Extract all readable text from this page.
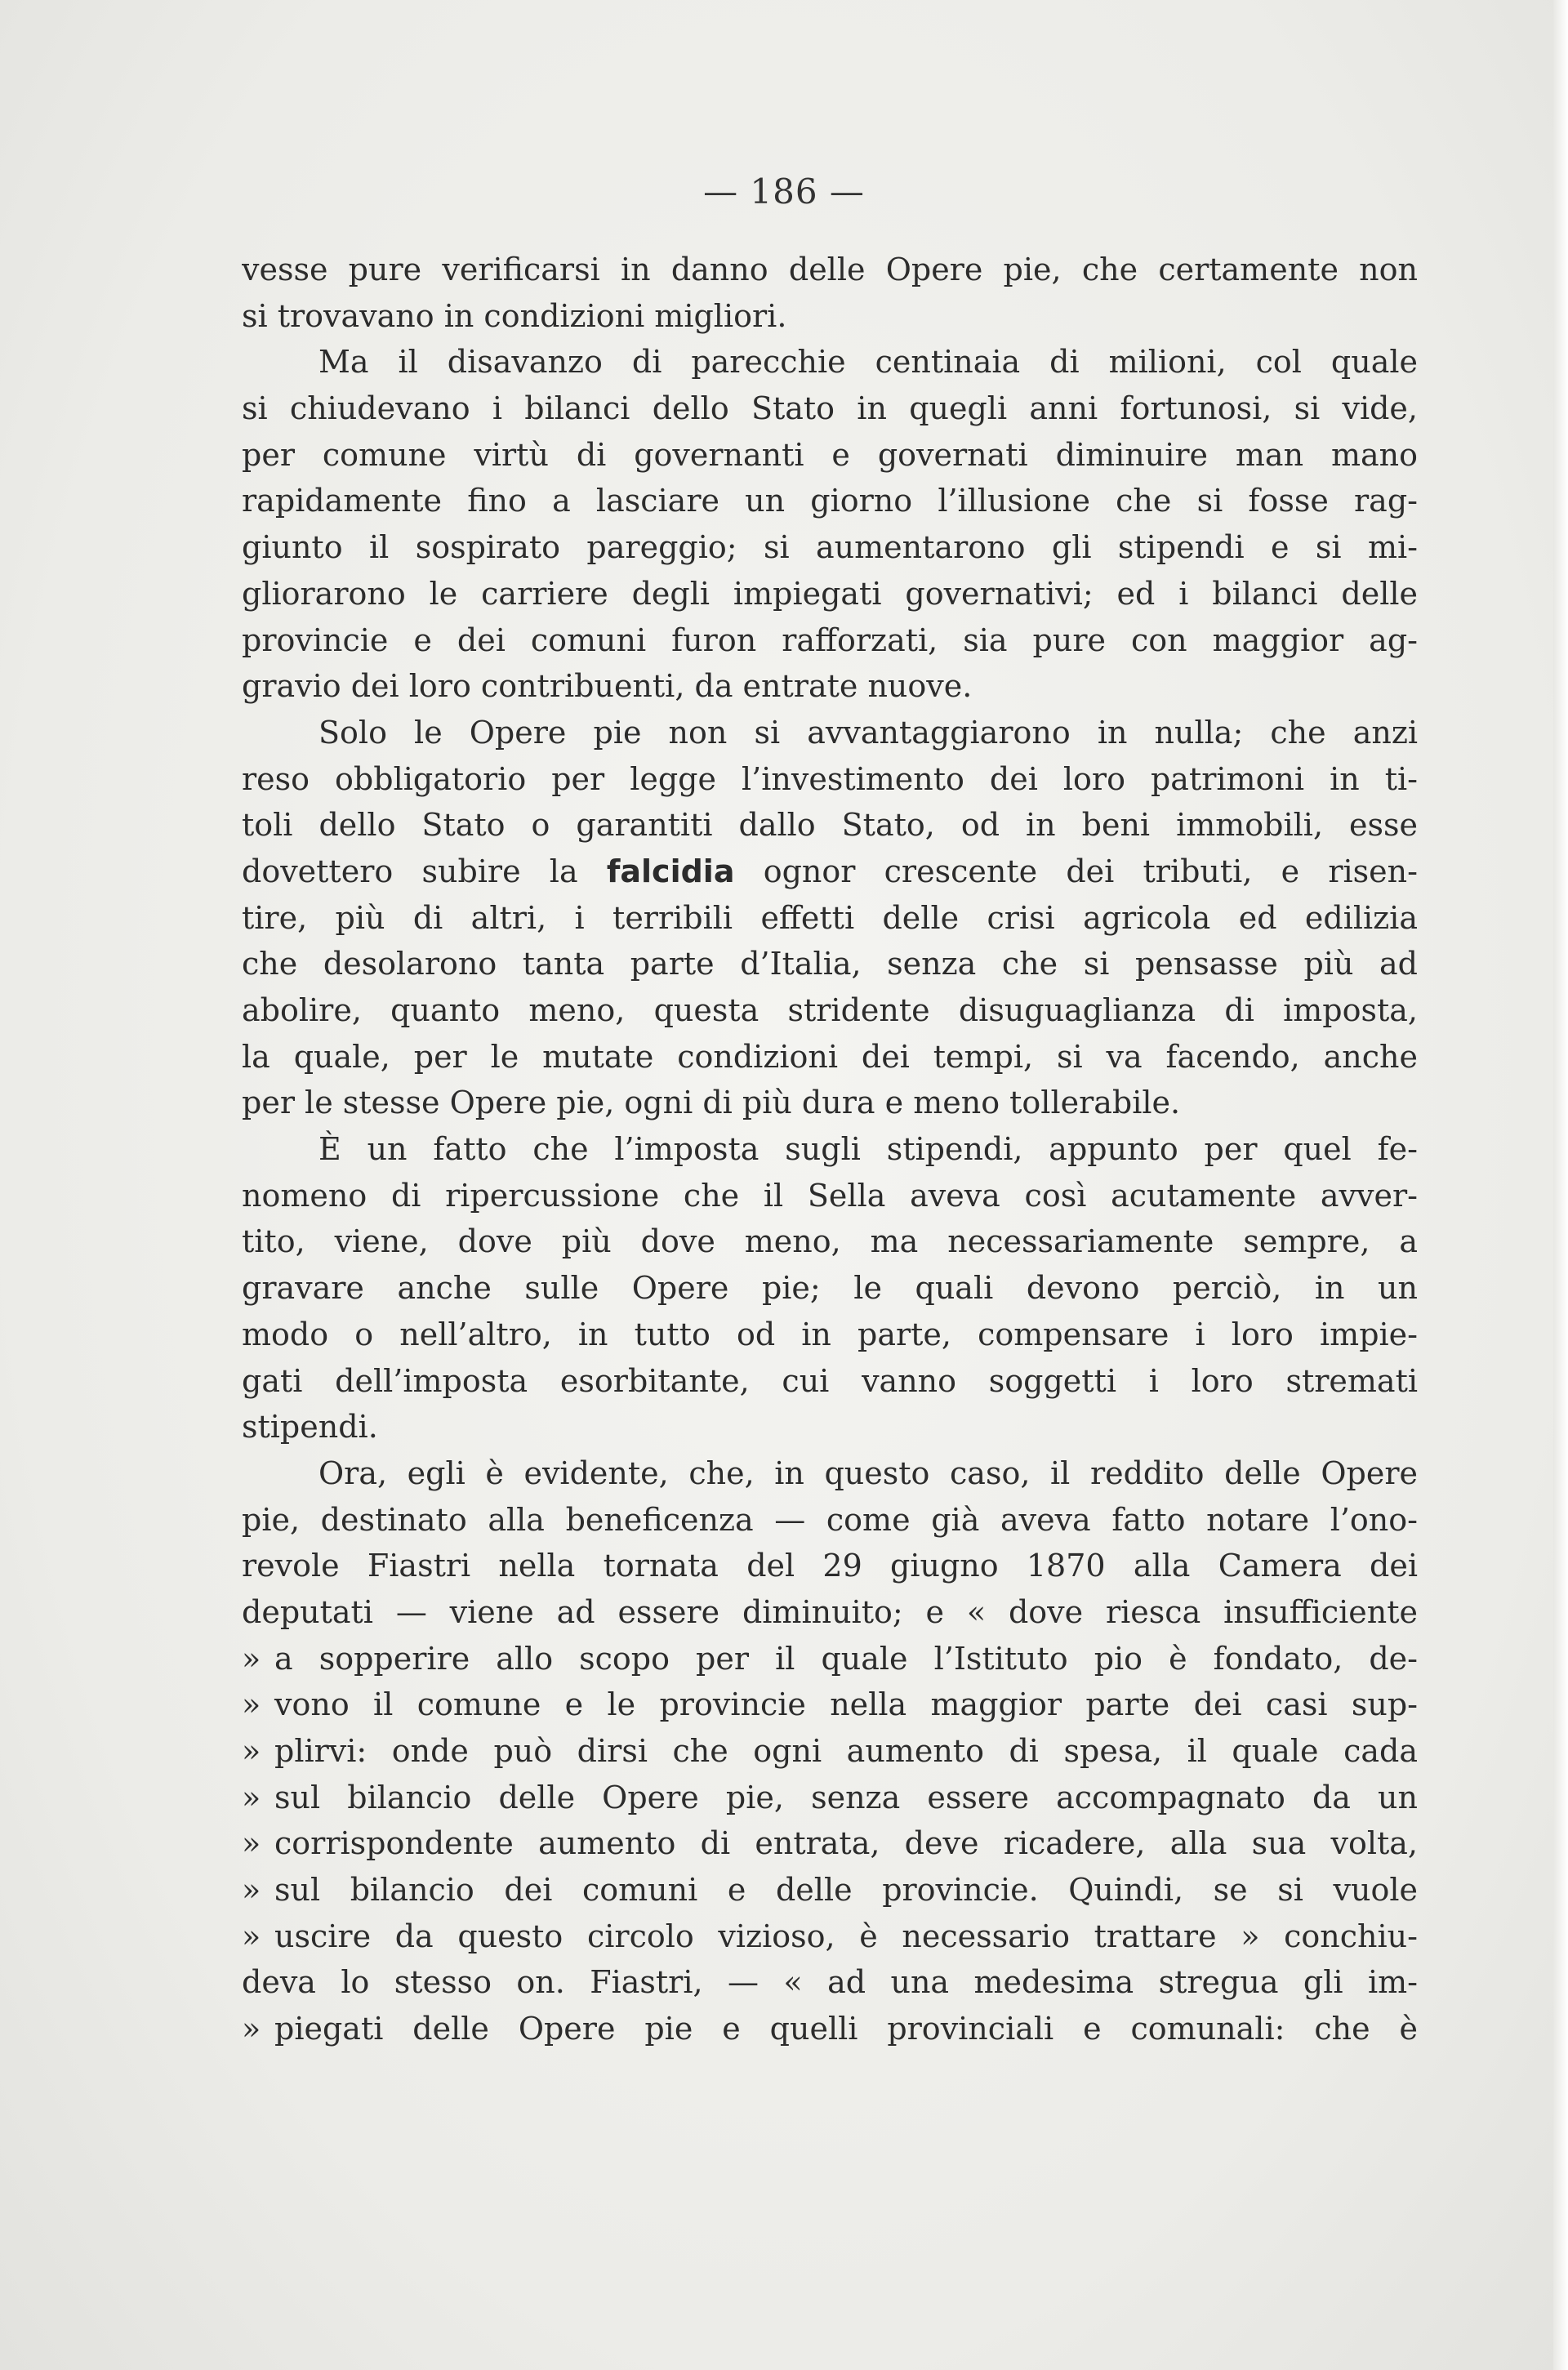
— 186 —
vesse pure verificarsi in danno delle Opere pie, che certamente non
si trovavano in condizioni migliori.
Ma il disavanzo di parecchie centinaia di milioni, col quale
si chiudevano i bilanci dello Stato in quegli anni fortunosi, si vide,
per comune virtù di governanti e governati diminuire man mano
rapidamente fino a lasciare un giorno l’illusione che si fosse rag-
giunto il sospirato pareggio; si aumentarono gli stipendi e si mi-
gliorarono le carriere degli impiegati governativi; ed i bilanci delle
provincie e dei comuni furon rafforzati, sia pure con maggior ag-
gravio dei loro contribuenti, da entrate nuove.
Solo le Opere pie non si avvantaggiarono in nulla; che anzi
reso obbligatorio per legge l’investimento dei loro patrimoni in ti-
toli dello Stato o garantiti dallo Stato, od in beni immobili, esse
dovettero subire la falcidia ognor crescente dei tributi, e risen-
tire, più di altri, i terribili effetti delle crisi agricola ed edilizia
che desolarono tanta parte d’Italia, senza che si pensasse più ad
abolire, quanto meno, questa stridente disuguaglianza di imposta,
la quale, per le mutate condizioni dei tempi, si va facendo, anche
per le stesse Opere pie, ogni di più dura e meno tollerabile.
È un fatto che l’imposta sugli stipendi, appunto per quel fe-
nomeno di ripercussione che il Sella aveva così acutamente avver-
tito, viene, dove più dove meno, ma necessariamente sempre, a
gravare anche sulle Opere pie; le quali devono perciò, in un
modo o nell’altro, in tutto od in parte, compensare i loro impie-
gati dell’imposta esorbitante, cui vanno soggetti i loro stremati
stipendi.
Ora, egli è evidente, che, in questo caso, il reddito delle Opere
pie, destinato alla beneficenza — come già aveva fatto notare l’ono-
revole Fiastri nella tornata del 29 giugno 1870 alla Camera dei
deputati — viene ad essere diminuito; e « dove riesca insufficiente
» a sopperire allo scopo per il quale l’Istituto pio è fondato, de-
» vono il comune e le provincie nella maggior parte dei casi sup-
» plirvi: onde può dirsi che ogni aumento di spesa, il quale cada
» sul bilancio delle Opere pie, senza essere accompagnato da un
» corrispondente aumento di entrata, deve ricadere, alla sua volta,
» sul bilancio dei comuni e delle provincie. Quindi, se si vuole
» uscire da questo circolo vizioso, è necessario trattare » conchiu-
deva lo stesso on. Fiastri, — « ad una medesima stregua gli im-
» piegati delle Opere pie e quelli provinciali e comunali: che è
